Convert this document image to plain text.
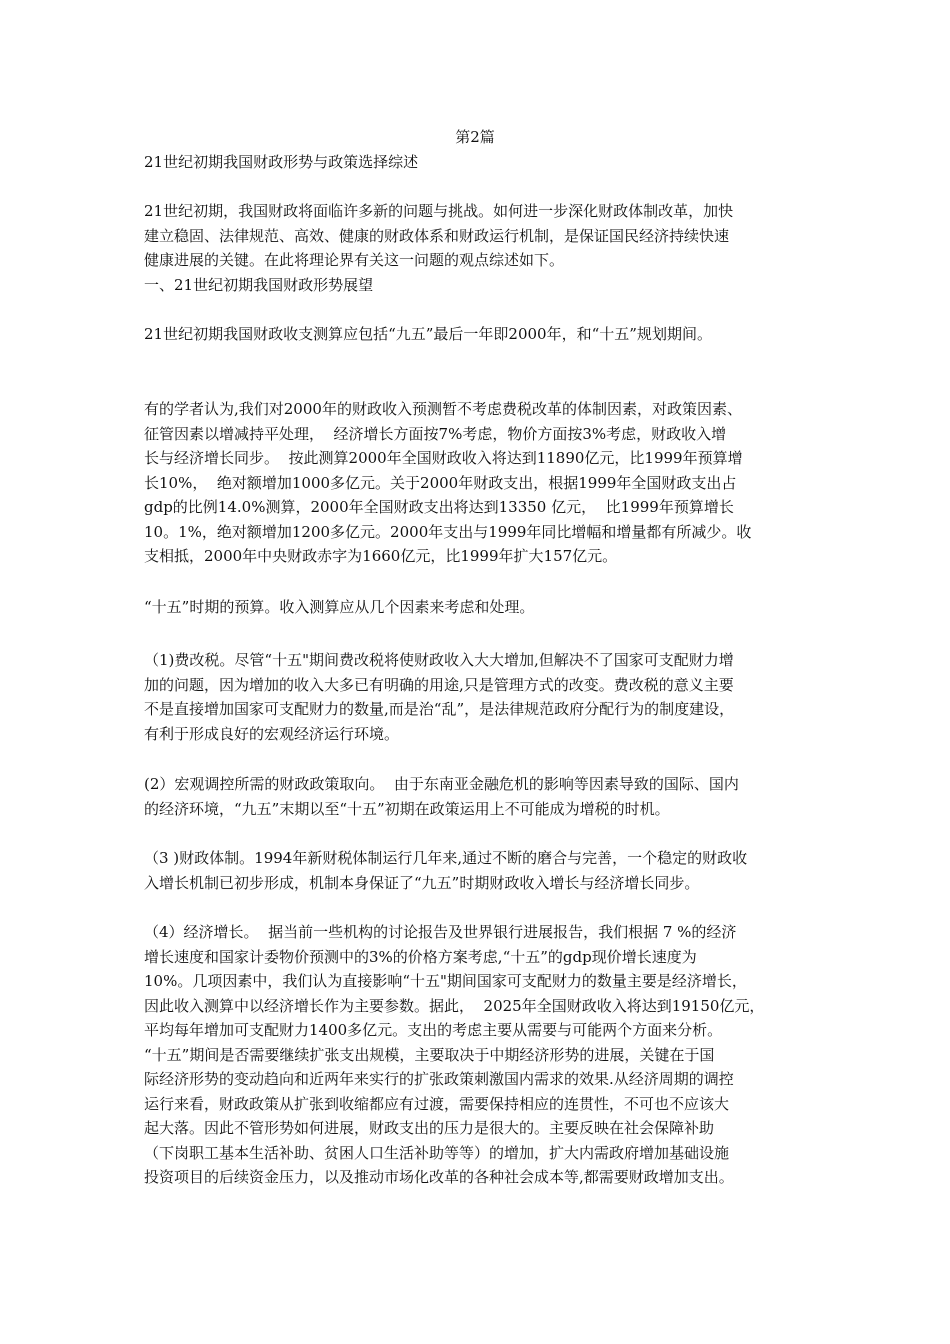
第2篇
21世纪初期我国财政形势与政策选择综述
21世纪初期，我国财政将面临许多新的问题与挑战。如何进一步深化财政体制改革，加快
建立稳固、法律规范、高效、健康的财政体系和财政运行机制，是保证国民经济持续快速
健康进展的关键。在此将理论界有关这一问题的观点综述如下。
一、21世纪初期我国财政形势展望
21世纪初期我国财政收支测算应包括“九五”最后一年即2000年，和“十五”规划期间。
有的学者认为,我们对2000年的财政收入预测暂不考虑费税改革的体制因素，对政策因素、
征管因素以增减持平处理，  经济增长方面按7%考虑，物价方面按3%考虑，财政收入增
长与经济增长同步。  按此测算2000年全国财政收入将达到11890亿元，比1999年预算增
长10%，  绝对额增加1000多亿元。关于2000年财政支出，根据1999年全国财政支出占
gdp的比例14.0%测算，2000年全国财政支出将达到13350 亿元，  比1999年预算增长
10。1%，绝对额增加1200多亿元。2000年支出与1999年同比增幅和增量都有所减少。收
支相抵，2000年中央财政赤字为1660亿元，比1999年扩大157亿元。
“十五”时期的预算。收入测算应从几个因素来考虑和处理。
（1)费改税。尽管“十五"期间费改税将使财政收入大大增加,但解决不了国家可支配财力增
加的问题，因为增加的收入大多已有明确的用途,只是管理方式的改变。费改税的意义主要
不是直接增加国家可支配财力的数量,而是治“乱”，是法律规范政府分配行为的制度建设，
有利于形成良好的宏观经济运行环境。
(2）宏观调控所需的财政政策取向。  由于东南亚金融危机的影响等因素导致的国际、国内
的经济环境，“九五”末期以至“十五”初期在政策运用上不可能成为增税的时机。
（3 )财政体制。1994年新财税体制运行几年来,通过不断的磨合与完善，一个稳定的财政收
入增长机制已初步形成，机制本身保证了“九五”时期财政收入增长与经济增长同步。
（4）经济增长。  据当前一些机构的讨论报告及世界银行进展报告，我们根据 7 %的经济
增长速度和国家计委物价预测中的3%的价格方案考虑,“十五”的gdp现价增长速度为
10%。几项因素中，我们认为直接影响“十五"期间国家可支配财力的数量主要是经济增长，
因此收入测算中以经济增长作为主要参数。据此，  2025年全国财政收入将达到19150亿元，
平均每年增加可支配财力1400多亿元。支出的考虑主要从需要与可能两个方面来分析。
“十五”期间是否需要继续扩张支出规模，主要取决于中期经济形势的进展，关键在于国
际经济形势的变动趋向和近两年来实行的扩张政策刺激国内需求的效果.从经济周期的调控
运行来看，财政政策从扩张到收缩都应有过渡，需要保持相应的连贯性，不可也不应该大
起大落。因此不管形势如何进展，财政支出的压力是很大的。主要反映在社会保障补助
（下岗职工基本生活补助、贫困人口生活补助等等）的增加，扩大内需政府增加基础设施
投资项目的后续资金压力，以及推动市场化改革的各种社会成本等,都需要财政增加支出。
